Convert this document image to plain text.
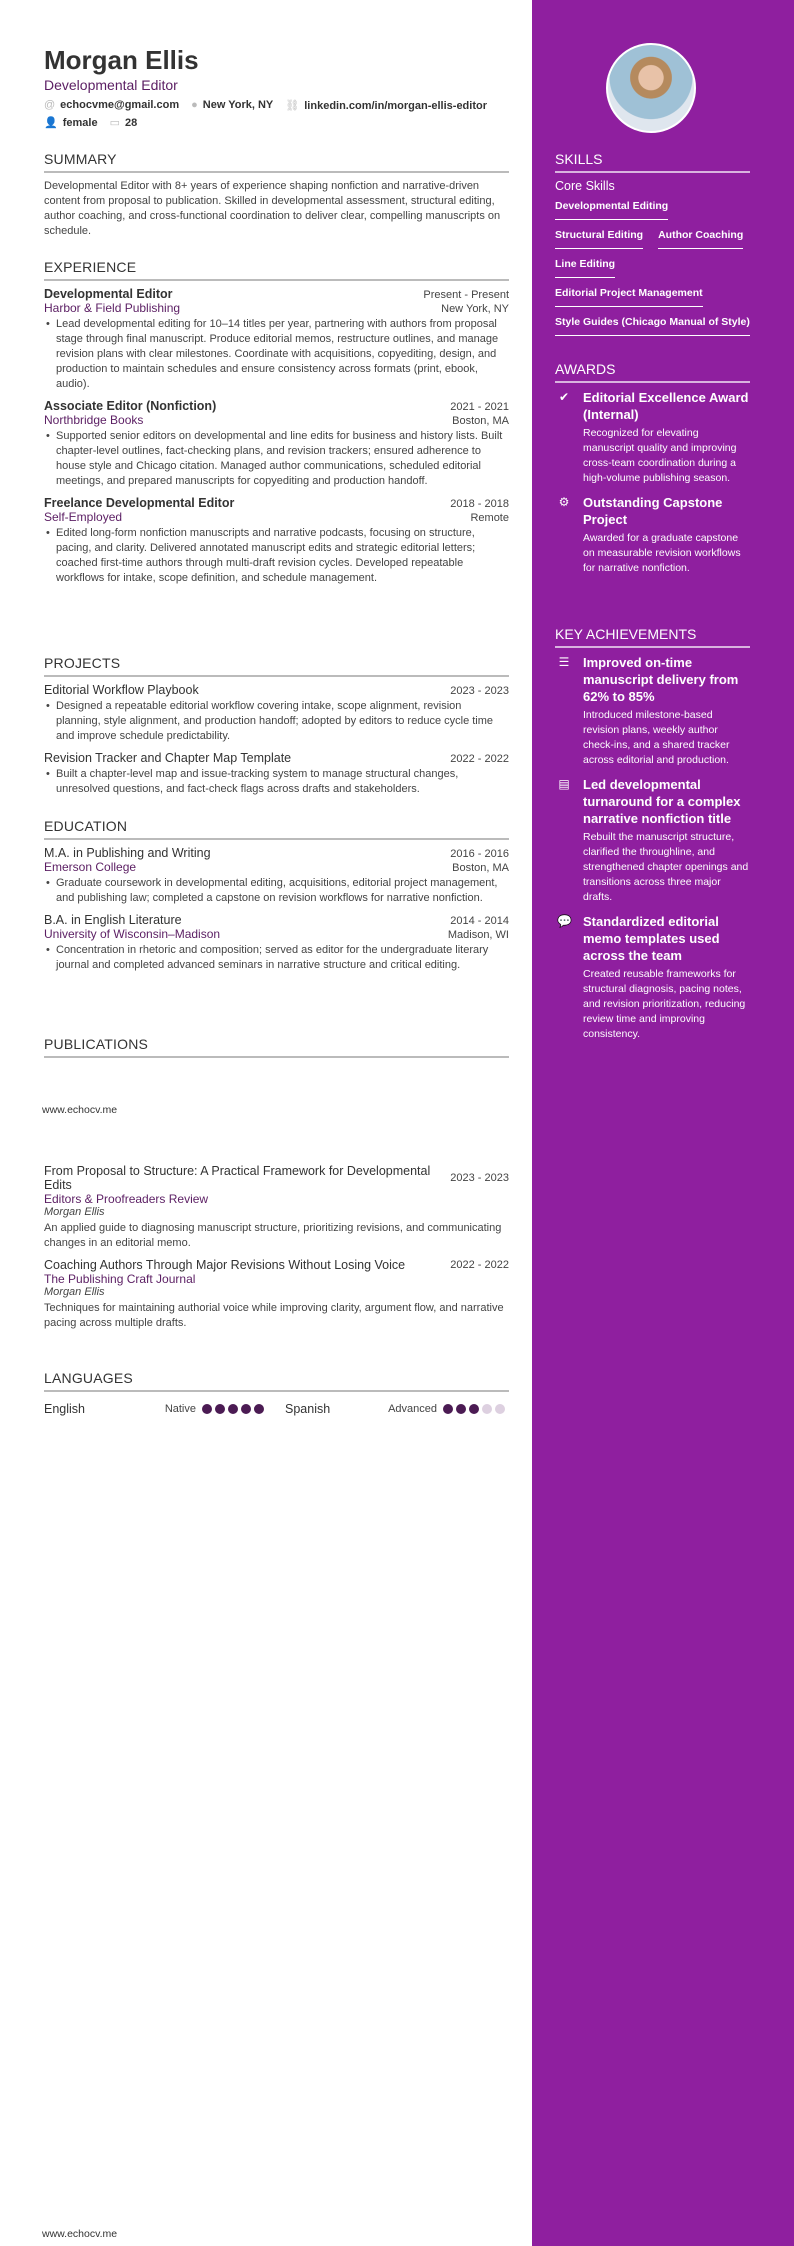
Morgan Ellis
Developmental Editor
@ echocvme@gmail.com ● New York, NY ⛓ linkedin.com/in/morgan-ellis-editor
👤 female ▭ 28
SUMMARY
Developmental Editor with 8+ years of experience shaping nonfiction and narrative-driven content from proposal to publication. Skilled in developmental assessment, structural editing, author coaching, and cross-functional coordination to deliver clear, compelling manuscripts on schedule.
EXPERIENCE
Developmental Editor	Present - Present
Harbor & Field Publishing	New York, NY
• Lead developmental editing for 10–14 titles per year, partnering with authors from proposal stage through final manuscript. Produce editorial memos, restructure outlines, and manage revision plans with clear milestones. Coordinate with acquisitions, copyediting, design, and production to maintain schedules and ensure consistency across formats (print, ebook, audio).
Associate Editor (Nonfiction)	2021 - 2021
Northbridge Books	Boston, MA
• Supported senior editors on developmental and line edits for business and history lists. Built chapter-level outlines, fact-checking plans, and revision trackers; ensured adherence to house style and Chicago citation. Managed author communications, scheduled editorial meetings, and prepared manuscripts for copyediting and production handoff.
Freelance Developmental Editor	2018 - 2018
Self-Employed	Remote
• Edited long-form nonfiction manuscripts and narrative podcasts, focusing on structure, pacing, and clarity. Delivered annotated manuscript edits and strategic editorial letters; coached first-time authors through multi-draft revision cycles. Developed repeatable workflows for intake, scope definition, and schedule management.
PROJECTS
Editorial Workflow Playbook	2023 - 2023
• Designed a repeatable editorial workflow covering intake, scope alignment, revision planning, style alignment, and production handoff; adopted by editors to reduce cycle time and improve schedule predictability.
Revision Tracker and Chapter Map Template	2022 - 2022
• Built a chapter-level map and issue-tracking system to manage structural changes, unresolved questions, and fact-check flags across drafts and stakeholders.
EDUCATION
M.A. in Publishing and Writing	2016 - 2016
Emerson College	Boston, MA
• Graduate coursework in developmental editing, acquisitions, editorial project management, and publishing law; completed a capstone on revision workflows for narrative nonfiction.
B.A. in English Literature	2014 - 2014
University of Wisconsin–Madison	Madison, WI
• Concentration in rhetoric and composition; served as editor for the undergraduate literary journal and completed advanced seminars in narrative structure and critical editing.
PUBLICATIONS
www.echocv.me
From Proposal to Structure: A Practical Framework for Developmental Edits	2023 - 2023
Editors & Proofreaders Review
Morgan Ellis
An applied guide to diagnosing manuscript structure, prioritizing revisions, and communicating changes in an editorial memo.
Coaching Authors Through Major Revisions Without Losing Voice	2022 - 2022
The Publishing Craft Journal
Morgan Ellis
Techniques for maintaining authorial voice while improving clarity, argument flow, and narrative pacing across multiple drafts.
LANGUAGES
English	Native	Spanish	Advanced
www.echocv.me
SKILLS
Core Skills
Developmental Editing
Structural Editing Author Coaching
Line Editing
Editorial Project Management
Style Guides (Chicago Manual of Style)
AWARDS
✔ Editorial Excellence Award (Internal)
Recognized for elevating manuscript quality and improving cross-team coordination during a high-volume publishing season.
⚙ Outstanding Capstone Project
Awarded for a graduate capstone on measurable revision workflows for narrative nonfiction.
KEY ACHIEVEMENTS
☰ Improved on-time manuscript delivery from 62% to 85%
Introduced milestone-based revision plans, weekly author check-ins, and a shared tracker across editorial and production.
▤ Led developmental turnaround for a complex narrative nonfiction title
Rebuilt the manuscript structure, clarified the throughline, and strengthened chapter openings and transitions across three major drafts.
💬 Standardized editorial memo templates used across the team
Created reusable frameworks for structural diagnosis, pacing notes, and revision prioritization, reducing review time and improving consistency.
